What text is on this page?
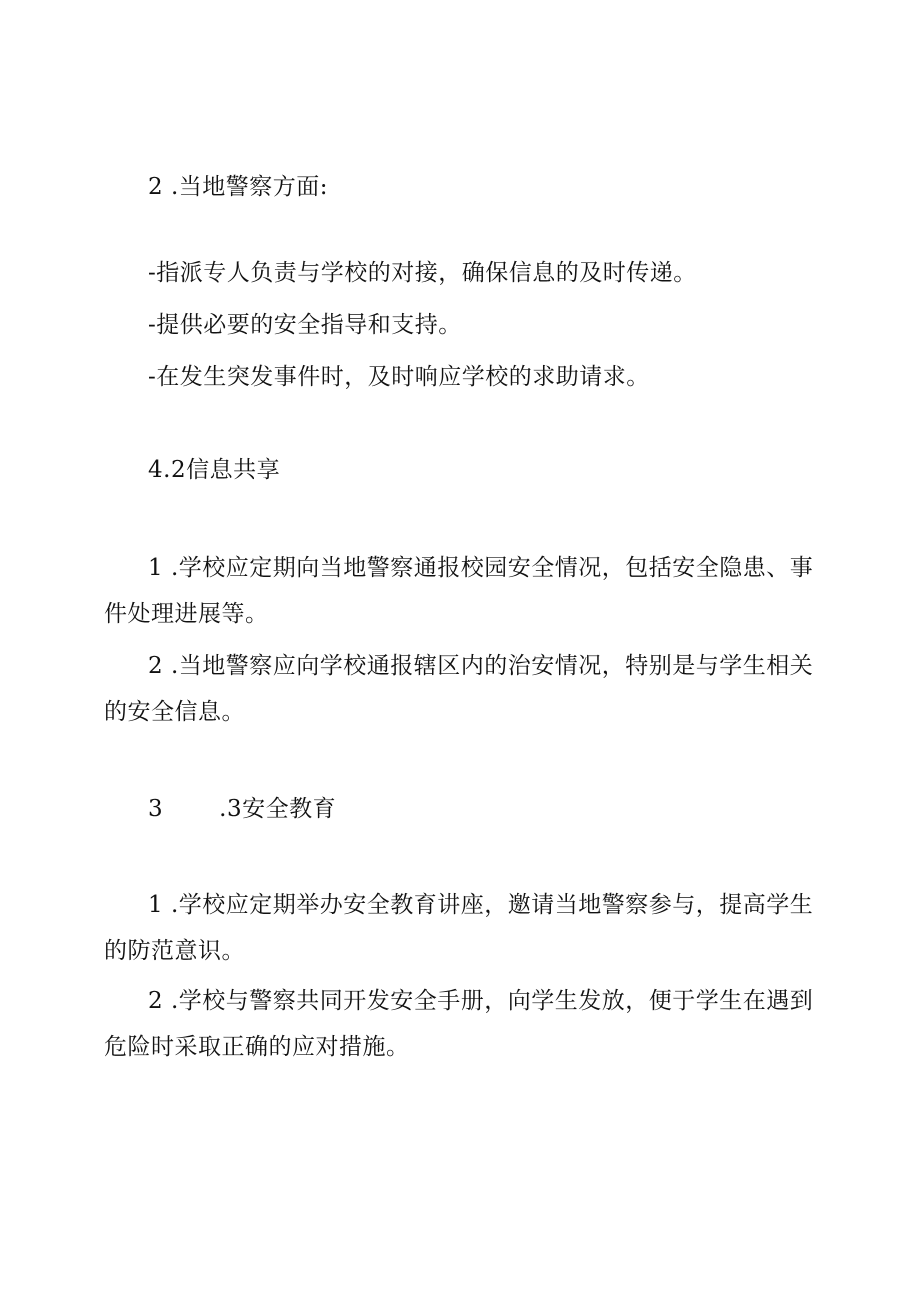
2 .当地警察方面:
-指派专人负责与学校的对接，确保信息的及时传递。
-提供必要的安全指导和支持。
-在发生突发事件时，及时响应学校的求助请求。
4.2信息共享
1 .学校应定期向当地警察通报校园安全情况，包括安全隐患、事件处理进展等。
2 .当地警察应向学校通报辖区内的治安情况，特别是与学生相关的安全信息。
3 .3安全教育
1 .学校应定期举办安全教育讲座，邀请当地警察参与，提高学生的防范意识。
2 .学校与警察共同开发安全手册，向学生发放，便于学生在遇到危险时采取正确的应对措施。
